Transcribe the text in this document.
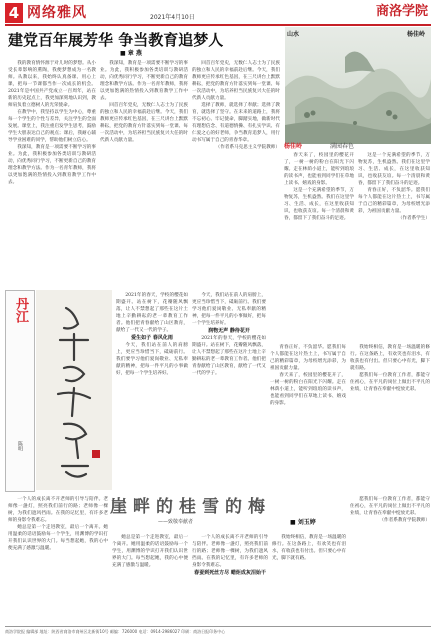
4 网络雅风	2021年4月10日	商洛学院
建党百年展芳华 争当教育追梦人
■ 章 燕

我的教育情怀源于对儿时的梦想。从小受长辈影响的熏陶，我便梦想成为一名教师。从教以来，我始终认真备课、用心上课，把每一节课都当作一次成长的机会。2021年是中国共产党成立一百周年，站在新的历史起点上，我更加深刻地认识到，教师肩负着立德树人的光荣使命。

在教学中，我坚持以学生为中心，尊重每一个学生的个性与差异，关注学生的全面发展。课堂上，我注重启发学生思考，鼓励学生大胆表达自己的观点；课后，我耐心辅导学业困难的同学，帮助他们树立信心。

我深知，教育是一项需要不断学习的事业。为此，我积极参加各类培训与教研活动，向优秀同行学习，不断更新自己的教育理念和教学方法。作为一名青年教师，我将以更加饱满的热情投入到教育教学工作中去。

我深知，教育是一项需要不断学习的事业。为此，我积极参加各类培训与教研活动，向优秀同行学习，不断更新自己的教育理念和教学方法。作为一名青年教师，我将以更加饱满的热情投入到教育教学工作中去。

回首百年党史，无数仁人志士为了民族的独立和人民的幸福前赴后继。今天，我们教师更应传承红色基因，在三尺讲台上默默耕耘，把党的教育方针落实到每一堂课、每一次活动中，为培养担当民族复兴大任的时代新人贡献力量。

回首百年党史，无数仁人志士为了民族的独立和人民的幸福前赴后继。今天，我们教师更应传承红色基因，在三尺讲台上默默耕耘，把党的教育方针落实到每一堂课、每一次活动中，为培养担当民族复兴大任的时代新人贡献力量。

选择了教师，就选择了奉献；选择了教育，就选择了坚守。在未来的道路上，我将不忘初心、牢记使命，脚踏实地，做新时代有理想信念、有道德情操、有扎实学识、有仁爱之心的好老师，争当教育追梦人，用行动书写属于自己的青春华章。

（作者系马克思主义学院教师）

山水	杨佳岭
杨佳岭	满园春色

春天来了，校园里的樱花开了，一树一树的粉白在阳光下闪耀。走在林荫小道上，能听到琅琅的读书声，也能看到同学们在草地上读书、嬉戏的身影。

这是一个充满希望的季节，万物复苏，生机盎然。我们在这里学习、生活、成长，在这里收获知识，也收获友谊。每一个清晨和黄昏，都留下了我们奋斗的足迹。

这是一个充满希望的季节，万物复苏，生机盎然。我们在这里学习、生活、成长，在这里收获知识，也收获友谊。每一个清晨和黄昏，都留下了我们奋斗的足迹。

青春正好，不负韶华。愿我们每个人都能在这片热土上，书写属于自己的精彩篇章，为母校增光添彩，为祖国贡献力量。

（作者系学生）

丹江
陈明

2021年的春天，学校的樱花如期盛开。站在树下，花瓣随风飘落，让人不禁想起了那些在这片土地上辛勤耕耘的老一辈教育工作者。他们把青春献给了山区教育，献给了一代又一代的学子。

爱生如子 春风化雨

今天，我们站在前人的肩膀上，更应当珍惜当下，砥砺前行。我们要学习他们爱岗敬业、无私奉献的精神，把每一件平凡的小事做好，把每一个学生培养好。

今天，我们站在前人的肩膀上，更应当珍惜当下，砥砺前行。我们要学习他们爱岗敬业、无私奉献的精神，把每一件平凡的小事做好，把每一个学生培养好。

润物无声 静待花开

2021年的春天，学校的樱花如期盛开。站在树下，花瓣随风飘落，让人不禁想起了那些在这片土地上辛勤耕耘的老一辈教育工作者。他们把青春献给了山区教育，献给了一代又一代的学子。

青春正好，不负韶华。愿我们每个人都能在这片热土上，书写属于自己的精彩篇章，为母校增光添彩，为祖国贡献力量。

春天来了，校园里的樱花开了，一树一树的粉白在阳光下闪耀。走在林荫小道上，能听到琅琅的读书声，也能看到同学们在草地上读书、嬉戏的身影。

我始终相信，教育是一场温暖的修行。在这条路上，有欢笑也有泪水，有收获也有付出。但只要心中有光，脚下就有路。

愿我们每一位教育工作者，都能守住初心，在平凡的岗位上做出不平凡的业绩，让青春在奉献中绽放光彩。

崖畔的桂雪的梅
——致敬奉献者	■ 刘玉婷

一个人的成长离不开老师的引导与陪伴。老师像一盏灯，照亮我们前行的路；老师像一棵树，为我们遮风挡雨。在我的记忆里，有许多老师的身影令我难忘。

她总是第一个走进教室，最后一个离开。她用温柔的话语鼓励每一个学生，用渊博的学识打开我们认识世界的大门。每当想起她，我的心中便充满了感激与温暖。

她总是第一个走进教室，最后一个离开。她用温柔的话语鼓励每一个学生，用渊博的学识打开我们认识世界的大门。每当想起她，我的心中便充满了感激与温暖。

一个人的成长离不开老师的引导与陪伴。老师像一盏灯，照亮我们前行的路；老师像一棵树，为我们遮风挡雨。在我的记忆里，有许多老师的身影令我难忘。

春蚕到死丝方尽 蜡炬成灰泪始干

我始终相信，教育是一场温暖的修行。在这条路上，有欢笑也有泪水，有收获也有付出。但只要心中有光，脚下就有路。

愿我们每一位教育工作者，都能守住初心，在平凡的岗位上做出不平凡的业绩，让青春在奉献中绽放光彩。

（作者系教育学院教师）

商洛学院报 编辑部 地址：陕西省商洛市商州区北新街10号 邮编：726000 电话：0914-2986027 印刷：商洛日报印务中心
